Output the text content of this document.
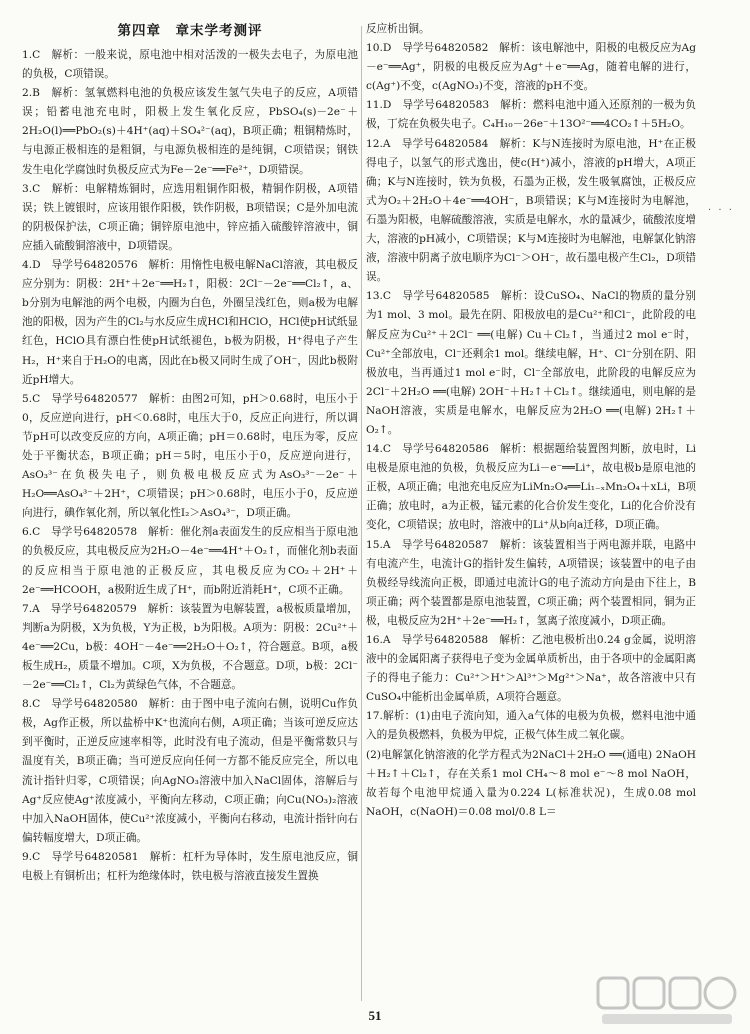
第四章　章末学考测评

1.C　解析：一般来说，原电池中相对活泼的一极失去电子，为原电池的负极，C项错误。

2.B　解析：氢氧燃料电池的负极应该发生氢气失电子的反应，A项错误；铅蓄电池充电时，阳极上发生氧化反应，PbSO₄(s)－2e⁻＋2H₂O(l)══PbO₂(s)＋4H⁺(aq)＋SO₄²⁻(aq)，B项正确；粗铜精炼时，与电源正极相连的是粗铜，与电源负极相连的是纯铜，C项错误；钢铁发生电化学腐蚀时负极反应式为Fe－2e⁻══Fe²⁺，D项错误。

3.C　解析：电解精炼铜时，应选用粗铜作阳极，精铜作阴极，A项错误；铁上镀银时，应该用银作阳极，铁作阴极，B项错误；C是外加电流的阴极保护法，C项正确；铜锌原电池中，锌应插入硫酸锌溶液中，铜应插入硫酸铜溶液中，D项错误。

4.D　导学号64820576　解析：用惰性电极电解NaCl溶液，其电极反应分别为：阴极：2H⁺＋2e⁻══H₂↑，阳极：2Cl⁻－2e⁻══Cl₂↑，a、b分别为电解池的两个电极，内圈为白色，外圈呈浅红色，则a极为电解池的阳极，因为产生的Cl₂与水反应生成HCl和HClO，HCl使pH试纸显红色，HClO具有漂白性使pH试纸褪色，b极为阴极，H⁺得电子产生H₂，H⁺来自于H₂O的电离，因此在b极又同时生成了OH⁻，因此b极附近pH增大。

5.C　导学号64820577　解析：由图2可知，pH＞0.68时，电压小于0，反应逆向进行，pH＜0.68时，电压大于0，反应正向进行，所以调节pH可以改变反应的方向，A项正确；pH＝0.68时，电压为零，反应处于平衡状态，B项正确；pH＝5时，电压小于0，反应逆向进行，AsO₃³⁻在负极失电子，则负极电极反应式为AsO₃³⁻－2e⁻＋H₂O══AsO₄³⁻＋2H⁺，C项错误；pH＞0.68时，电压小于0，反应逆向进行，碘作氧化剂，所以氧化性I₂＞AsO₄³⁻，D项正确。

6.C　导学号64820578　解析：催化剂a表面发生的反应相当于原电池的负极反应，其电极反应为2H₂O－4e⁻══4H⁺＋O₂↑，而催化剂b表面的反应相当于原电池的正极反应，其电极反应为CO₂＋2H⁺＋2e⁻══HCOOH，a极附近生成了H⁺，而b附近消耗H⁺，C项不正确。

7.A　导学号64820579　解析：该装置为电解装置，a极板质量增加，判断a为阴极，X为负极，Y为正极，b为阳极。A项为：阴极：2Cu²⁺＋4e⁻══2Cu，b极：4OH⁻－4e⁻══2H₂O＋O₂↑，符合题意。B项，a极板生成H₂，质量不增加。C项，X为负极，不合题意。D项，b极：2Cl⁻－2e⁻══Cl₂↑，Cl₂为黄绿色气体，不合题意。

8.C　导学号64820580　解析：由于图中电子流向右侧，说明Cu作负极，Ag作正极，所以盐桥中K⁺也流向右侧，A项正确；当该可逆反应达到平衡时，正逆反应速率相等，此时没有电子流动，但是平衡常数只与温度有关，B项正确；当可逆反应向任何一方都不能反应完全，所以电流计指针归零，C项错误；向AgNO₃溶液中加入NaCl固体，溶解后与Ag⁺反应使Ag⁺浓度减小，平衡向左移动，C项正确；向Cu(NO₃)₂溶液中加入NaOH固体，使Cu²⁺浓度减小，平衡向右移动，电流计指针向右偏转幅度增大，D项正确。

9.C　导学号64820581　解析：杠杆为导体时，发生原电池反应，铜电极上有铜析出；杠杆为绝缘体时，铁电极与溶液直接发生置换

反应析出铜。

10.D　导学号64820582　解析：该电解池中，阳极的电极反应为Ag－e⁻══Ag⁺，阴极的电极反应为Ag⁺＋e⁻══Ag，随着电解的进行，c(Ag⁺)不变，c(AgNO₃)不变，溶液的pH不变。

11.D　导学号64820583　解析：燃料电池中通入还原剂的一极为负极，丁烷在负极失电子。C₄H₁₀－26e⁻＋13O²⁻══4CO₂↑＋5H₂O。

12.A　导学号64820584　解析：K与N连接时为原电池，H⁺在正极得电子，以氢气的形式逸出，使c(H⁺)减小，溶液的pH增大，A项正确；K与N连接时，铁为负极，石墨为正极，发生吸氧腐蚀，正极反应式为O₂＋2H₂O＋4e⁻══4OH⁻，B项错误；K与M连接时为电解池，石墨为阳极，电解硫酸溶液，实质是电解水，水的量减少，硫酸浓度增大，溶液的pH减小，C项错误；K与M连接时为电解池，电解氯化钠溶液，溶液中阴离子放电顺序为Cl⁻＞OH⁻，故石墨电极产生Cl₂，D项错误。

13.C　导学号64820585　解析：设CuSO₄、NaCl的物质的量分别为1 mol、3 mol。最先在阴、阳极放电的是Cu²⁺和Cl⁻，此阶段的电解反应为Cu²⁺＋2Cl⁻ ══(电解) Cu＋Cl₂↑，当通过2 mol e⁻时，Cu²⁺全部放电，Cl⁻还剩余1 mol。继续电解，H⁺、Cl⁻分别在阴、阳极放电，当再通过1 mol e⁻时，Cl⁻全部放电，此阶段的电解反应为2Cl⁻＋2H₂O ══(电解) 2OH⁻＋H₂↑＋Cl₂↑。继续通电，则电解的是NaOH溶液，实质是电解水，电解反应为2H₂O ══(电解) 2H₂↑＋O₂↑。

14.C　导学号64820586　解析：根据题给装置图判断，放电时，Li电极是原电池的负极，负极反应为Li－e⁻══Li⁺，故电极b是原电池的正极，A项正确；电池充电反应为LiMn₂O₄══Li₁₋ₓMn₂O₄＋xLi，B项正确；放电时，a为正极，锰元素的化合价发生变化，Li的化合价没有变化，C项错误；放电时，溶液中的Li⁺从b向a迁移，D项正确。

15.A　导学号64820587　解析：该装置相当于两电源并联，电路中有电流产生，电流计G的指针发生偏转，A项错误；该装置中的电子由负极经导线流向正极，即通过电流计G的电子流动方向是由下往上，B项正确；两个装置都是原电池装置，C项正确；两个装置相同，铜为正极，电极反应为2H⁺＋2e⁻══H₂↑，氢离子浓度减小，D项正确。

16.A　导学号64820588　解析：乙池电极析出0.24 g金属，说明溶液中的金属阳离子获得电子变为金属单质析出，由于各项中的金属阳离子的得电子能力：Cu²⁺＞H⁺＞Al³⁺＞Mg²⁺＞Na⁺，故各溶液中只有CuSO₄中能析出金属单质，A项符合题意。

17.解析：(1)由电子流向知，通入a气体的电极为负极，燃料电池中通入的是负极燃料，负极为甲烷，正极气体生成二氧化碳。

(2)电解氯化钠溶液的化学方程式为2NaCl＋2H₂O ══(通电) 2NaOH＋H₂↑＋Cl₂↑，存在关系1 mol CH₄～8 mol e⁻～8 mol NaOH，故若每个电池甲烷通入量为0.224 L(标准状况)，生成0.08 mol NaOH，c(NaOH)＝0.08 mol/0.8 L＝

· · ·
51
